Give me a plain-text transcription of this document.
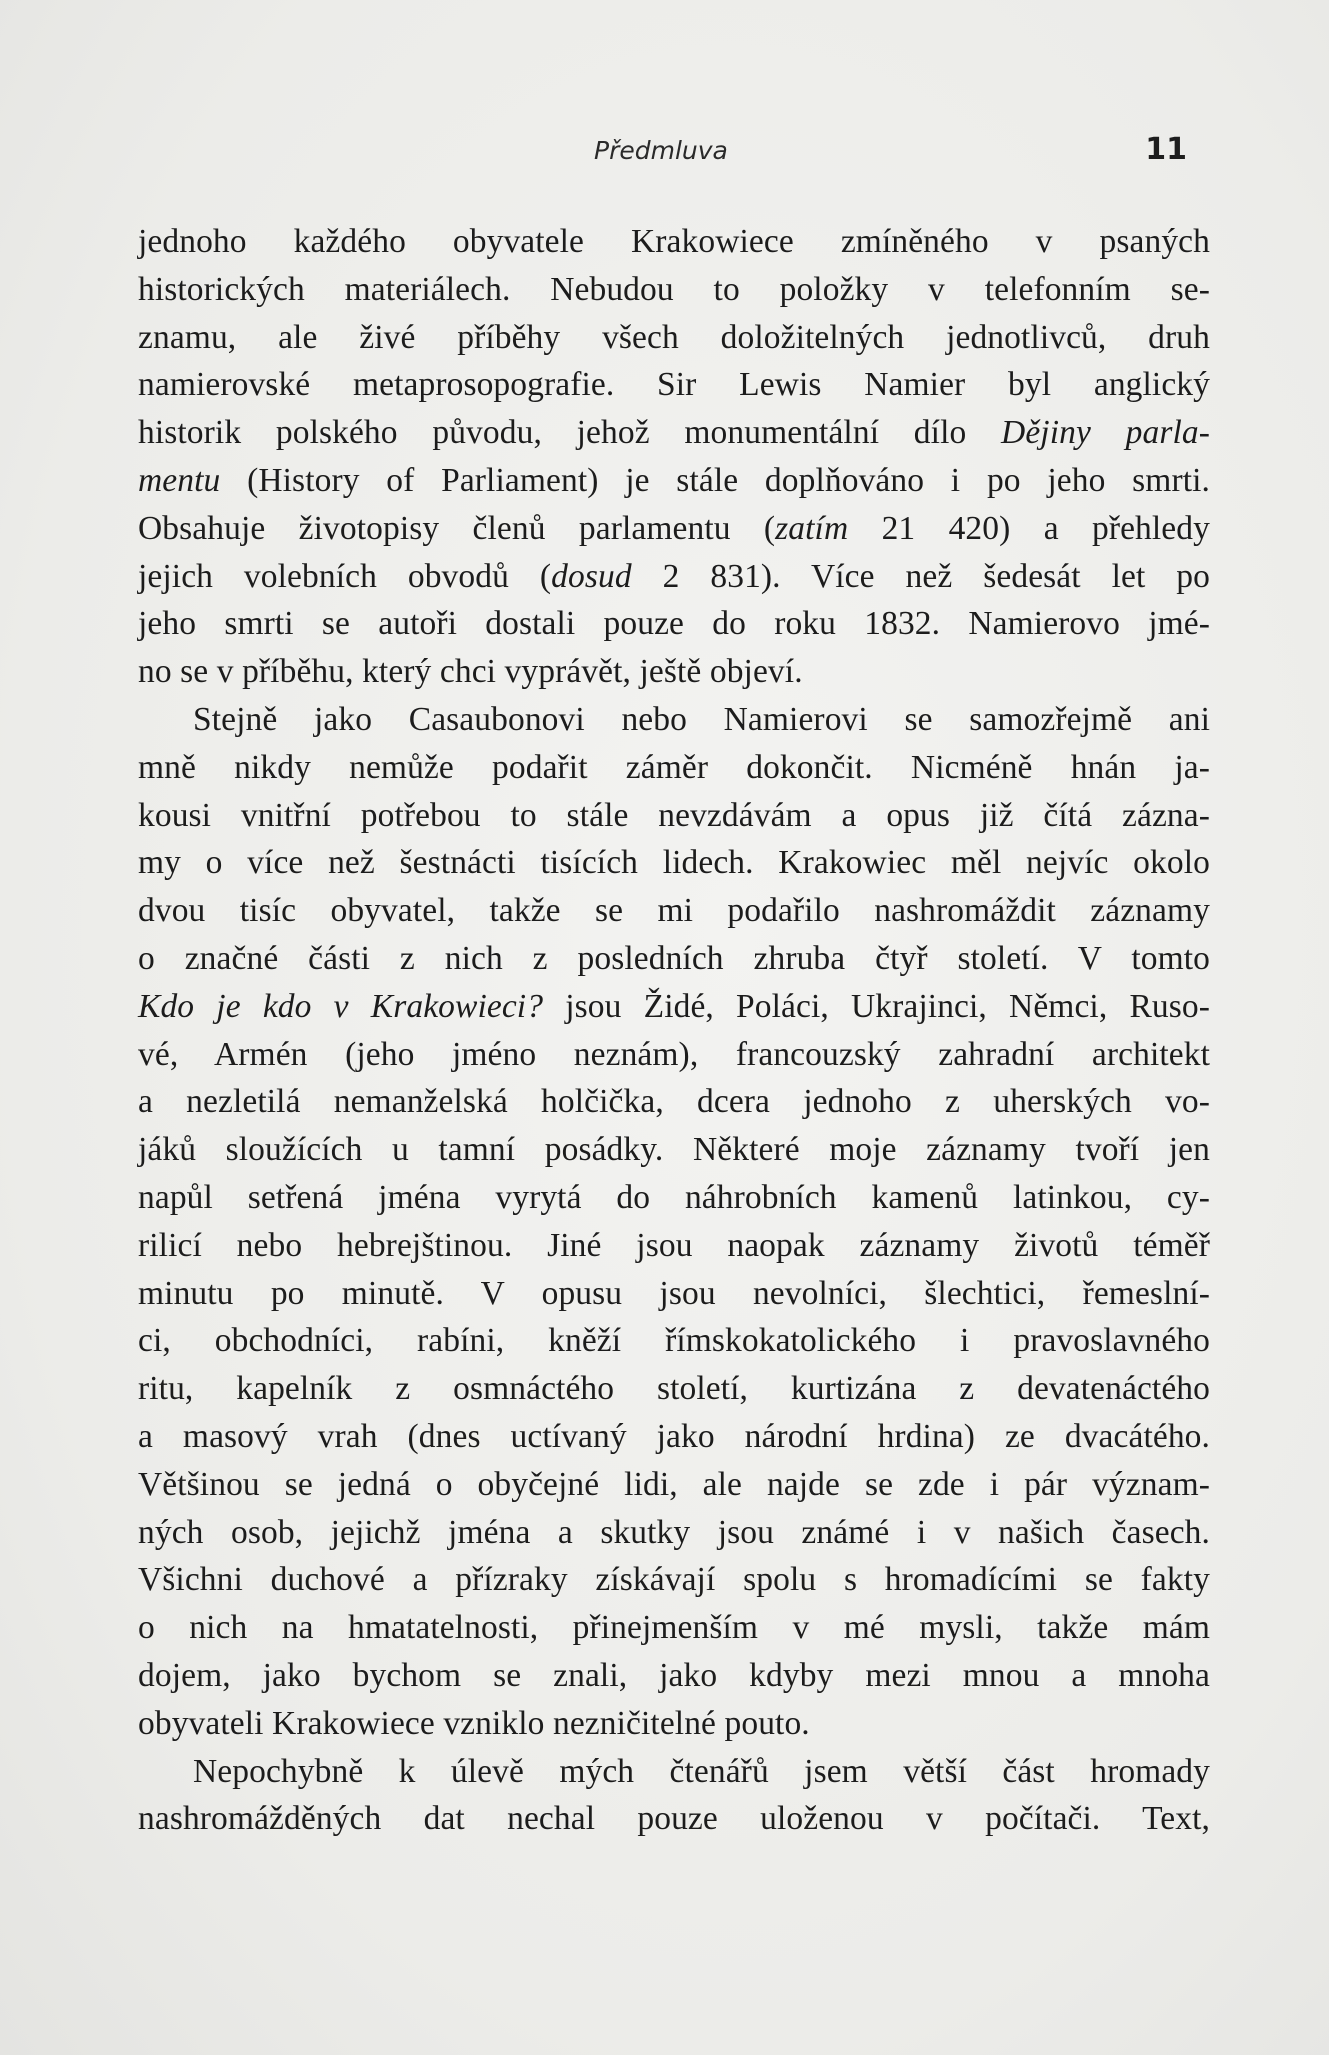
Předmluva	11
jednoho každého obyvatele Krakowiece zmíněného v psaných
historických materiálech. Nebudou to položky v telefonním se-
znamu, ale živé příběhy všech doložitelných jednotlivců, druh
namierovské metaprosopografie. Sir Lewis Namier byl anglický
historik polského původu, jehož monumentální dílo Dějiny parla-
mentu (History of Parliament) je stále doplňováno i po jeho smrti.
Obsahuje životopisy členů parlamentu (zatím 21 420) a přehledy
jejich volebních obvodů (dosud 2 831). Více než šedesát let po
jeho smrti se autoři dostali pouze do roku 1832. Namierovo jmé-
no se v příběhu, který chci vyprávět, ještě objeví.
Stejně jako Casaubonovi nebo Namierovi se samozřejmě ani
mně nikdy nemůže podařit záměr dokončit. Nicméně hnán ja-
kousi vnitřní potřebou to stále nevzdávám a opus již čítá zázna-
my o více než šestnácti tisících lidech. Krakowiec měl nejvíc okolo
dvou tisíc obyvatel, takže se mi podařilo nashromáždit záznamy
o značné části z nich z posledních zhruba čtyř století. V tomto
Kdo je kdo v Krakowieci? jsou Židé, Poláci, Ukrajinci, Němci, Ruso-
vé, Armén (jeho jméno neznám), francouzský zahradní architekt
a nezletilá nemanželská holčička, dcera jednoho z uherských vo-
jáků sloužících u tamní posádky. Některé moje záznamy tvoří jen
napůl setřená jména vyrytá do náhrobních kamenů latinkou, cy-
rilicí nebo hebrejštinou. Jiné jsou naopak záznamy životů téměř
minutu po minutě. V opusu jsou nevolníci, šlechtici, řemeslní-
ci, obchodníci, rabíni, kněží římskokatolického i pravoslavného
ritu, kapelník z osmnáctého století, kurtizána z devatenáctého
a masový vrah (dnes uctívaný jako národní hrdina) ze dvacátého.
Většinou se jedná o obyčejné lidi, ale najde se zde i pár význam-
ných osob, jejichž jména a skutky jsou známé i v našich časech.
Všichni duchové a přízraky získávají spolu s hromadícími se fakty
o nich na hmatatelnosti, přinejmenším v mé mysli, takže mám
dojem, jako bychom se znali, jako kdyby mezi mnou a mnoha
obyvateli Krakowiece vzniklo nezničitelné pouto.
Nepochybně k úlevě mých čtenářů jsem větší část hromady
nashromážděných dat nechal pouze uloženou v počítači. Text,
